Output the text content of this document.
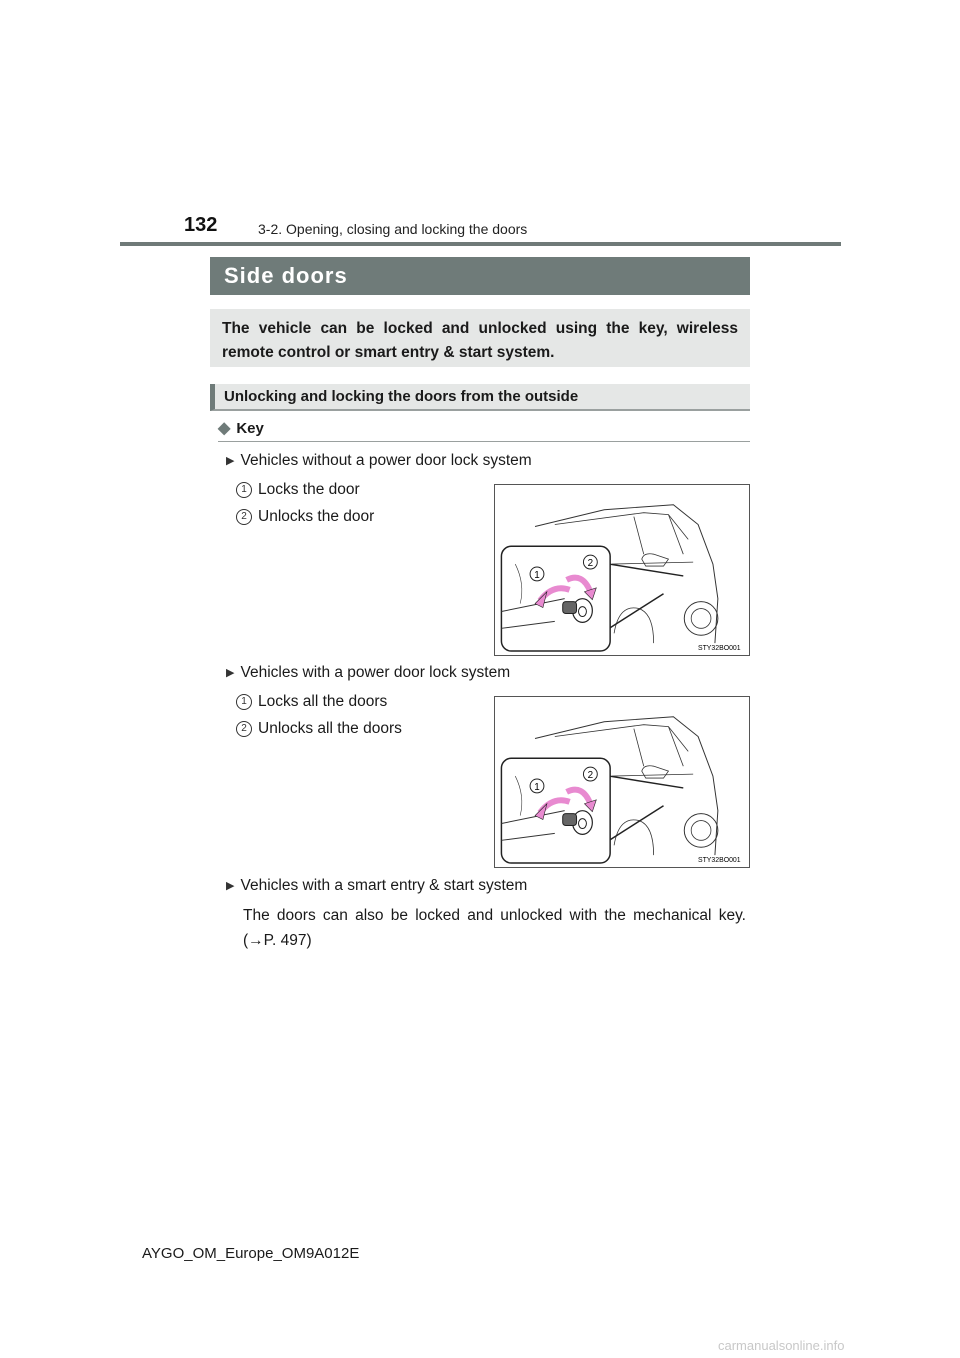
132	3-2. Opening, closing and locking the doors
Side doors
The vehicle can be locked and unlocked using the key, wireless remote control or smart entry & start system.
Unlocking and locking the doors from the outside
◆ Key
▶ Vehicles without a power door lock system
1 Locks the door
2 Unlocks the door
1
2
STY32BO001
▶ Vehicles with a power door lock system
1 Locks all the doors
2 Unlocks all the doors
1
2
STY32BO001
▶ Vehicles with a smart entry & start system
The doors can also be locked and unlocked with the mechanical key. (→P. 497)
AYGO_OM_Europe_OM9A012E
carmanualsonline.info
